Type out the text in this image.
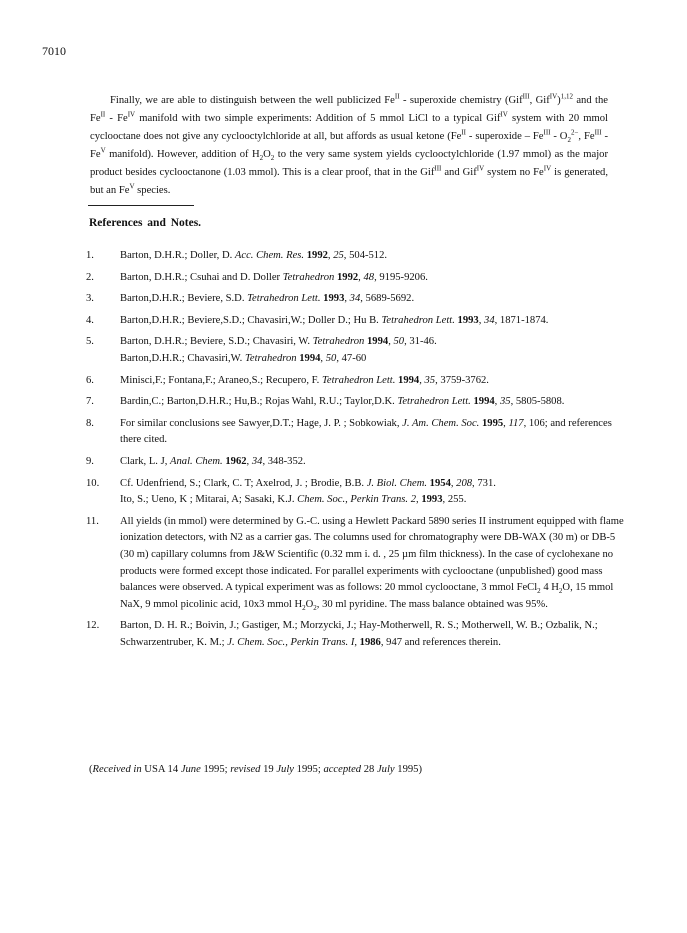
7010

Finally, we are able to distinguish between the well publicized $Fe^{II}$ - superoxide chemistry (Gif$^{III}$, Gif$^{IV}$)$^{1,12}$ and the $Fe^{II} - Fe^{IV}$ manifold with two simple experiments: Addition of 5 mmol LiCl to a typical Gif$^{IV}$ system with 20 mmol cyclooctane does not give any cyclooctylchloride at all, but affords as usual ketone ($Fe^{II}$ - superoxide – $Fe^{III} - O_2^{2-}$, $Fe^{III} - Fe^V$ manifold). However, addition of $H_2O_2$ to the very same system yields cyclooctylchloride (1.97 mmol) as the major product besides cyclooctanone (1.03 mmol). This is a clear proof, that in the Gif$^{III}$ and Gif$^{IV}$ system no $Fe^{IV}$ is generated, but an $Fe^V$ species.

References and Notes.
1.	Barton, D.H.R.; Doller, D. Acc. Chem. Res. 1992, 25, 504-512.
2.	Barton, D.H.R.; Csuhai and D. Doller Tetrahedron 1992, 48, 9195-9206.
3.	Barton,D.H.R.; Beviere, S.D. Tetrahedron Lett. 1993, 34, 5689-5692.
4.	Barton,D.H.R.; Beviere,S.D.; Chavasiri,W.; Doller D.; Hu B. Tetrahedron Lett. 1993, 34, 1871-1874.
5.	Barton, D.H.R.; Beviere, S.D.; Chavasiri, W. Tetrahedron 1994, 50, 31-46.
Barton,D.H.R.; Chavasiri,W. Tetrahedron 1994, 50, 47-60
6.	Minisci,F.; Fontana,F.; Araneo,S.; Recupero, F. Tetrahedron Lett. 1994, 35, 3759-3762.
7.	Bardin,C.; Barton,D.H.R.; Hu,B.; Rojas Wahl, R.U.; Taylor,D.K. Tetrahedron Lett. 1994, 35, 5805-5808.
8.	For similar conclusions see Sawyer,D.T.; Hage, J. P. ; Sobkowiak, J. Am. Chem. Soc. 1995, 117, 106; and references there cited.
9.	Clark, L. J, Anal. Chem. 1962, 34, 348-352.
10.	Cf. Udenfriend, S.; Clark, C. T; Axelrod, J. ; Brodie, B.B. J. Biol. Chem. 1954, 208, 731.
Ito, S.; Ueno, K ; Mitarai, A; Sasaki, K.J. Chem. Soc., Perkin Trans. 2, 1993, 255.
11.	All yields (in mmol) were determined by G.-C. using a Hewlett Packard 5890 series II instrument equipped with flame ionization detectors, with N2 as a carrier gas. The columns used for chromatography were DB-WAX (30 m) or DB-5 (30 m) capillary columns from J&W Scientific (0.32 mm i. d. , 25 µm film thickness). In the case of cyclohexane no products were formed except those indicated. For parallel experiments with cyclooctane (unpublished) good mass balances were observed. A typical experiment was as follows: 20 mmol cyclooctane, 3 mmol FeCl$_2$ 4 $H_2O$, 15 mmol NaX, 9 mmol picolinic acid, 10x3 mmol $H_2O_2$, 30 ml pyridine. The mass balance obtained was 95%.
12.	Barton, D. H. R.; Boivin, J.; Gastiger, M.; Morzycki, J.; Hay-Motherwell, R. S.; Motherwell, W. B.; Ozbalik, N.; Schwarzentruber, K. M.; J. Chem. Soc., Perkin Trans. I, 1986, 947 and references therein.
(Received in USA 14 June 1995; revised 19 July 1995; accepted 28 July 1995)
